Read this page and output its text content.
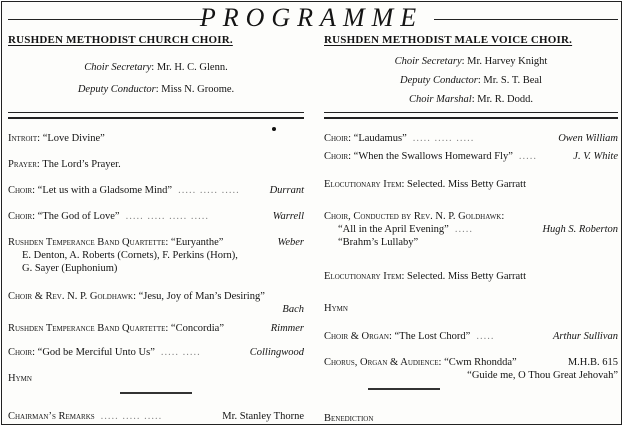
PROGRAMME
RUSHDEN METHODIST CHURCH CHOIR.
Choir Secretary: Mr. H. C. Glenn.
Deputy Conductor: Miss N. Groome.
Introit: “Love Divine”
Prayer: The Lord’s Prayer.
Choir: “Let us with a Gladsome Mind” ..... ..... .....	Durrant
Choir: “The God of Love” ..... ..... ..... .....	Warrell
Rushden Temperance Band Quartette: “Euryanthe”	Weber
E. Denton, A. Roberts (Cornets), F. Perkins (Horn),
G. Sayer (Euphonium)
Choir & Rev. N. P. Goldhawk: “Jesu, Joy of Man’s Desiring”
Bach
Rushden Temperance Band Quartette: “Concordia”	Rimmer
Choir: “God be Merciful Unto Us” ..... .....	Collingwood
Hymn
Chairman’s Remarks ..... ..... .....	Mr. Stanley Thorne
RUSHDEN METHODIST MALE VOICE CHOIR.
Choir Secretary: Mr. Harvey Knight
Deputy Conductor: Mr. S. T. Beal
Choir Marshal: Mr. R. Dodd.
Choir: “Laudamus” ..... ..... .....	Owen William
Choir: “When the Swallows Homeward Fly” .....	J. V. White
Elocutionary Item: Selected. Miss Betty Garratt
Choir, Conducted by Rev. N. P. Goldhawk:
“All in the April Evening” .....	Hugh S. Roberton
“Brahm’s Lullaby”
Elocutionary Item: Selected. Miss Betty Garratt
Hymn
Choir & Organ: “The Lost Chord” .....	Arthur Sullivan
Chorus, Organ & Audience: “Cwm Rhondda”	M.H.B. 615
“Guide me, O Thou Great Jehovah”
Benediction
